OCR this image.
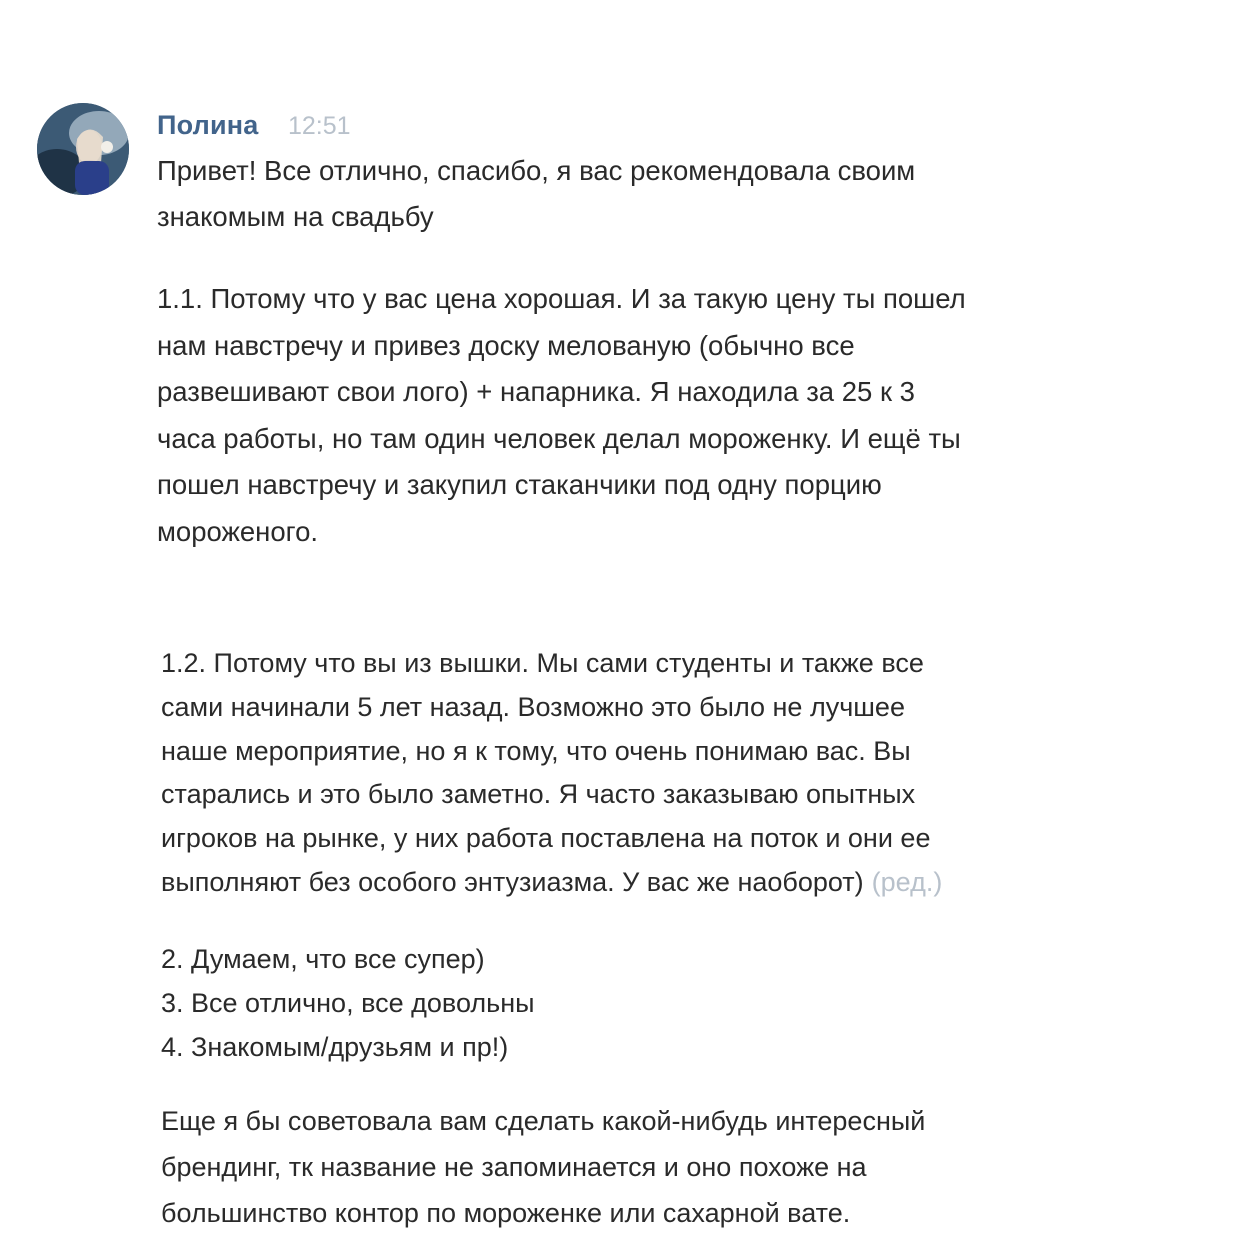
Полина 12:51
Привет! Все отлично, спасибо, я вас рекомендовала своим
знакомым на свадьбу
1.1. Потому что у вас цена хорошая. И за такую цену ты пошел
нам навстречу и привез доску мелованую (обычно все
развешивают свои лого) + напарника. Я находила за 25 к 3
часа работы, но там один человек делал мороженку. И ещё ты
пошел навстречу и закупил стаканчики под одну порцию
мороженого.
1.2. Потому что вы из вышки. Мы сами студенты и также все
сами начинали 5 лет назад. Возможно это было не лучшее
наше мероприятие, но я к тому, что очень понимаю вас. Вы
старались и это было заметно. Я часто заказываю опытных
игроков на рынке, у них работа поставлена на поток и они ее
выполняют без особого энтузиазма. У вас же наоборот) (ред.)
2. Думаем, что все супер)
3. Все отлично, все довольны
4. Знакомым/друзьям и пр!)
Еще я бы советовала вам сделать какой-нибудь интересный
брендинг, тк название не запоминается и оно похоже на
большинство контор по мороженке или сахарной вате.
